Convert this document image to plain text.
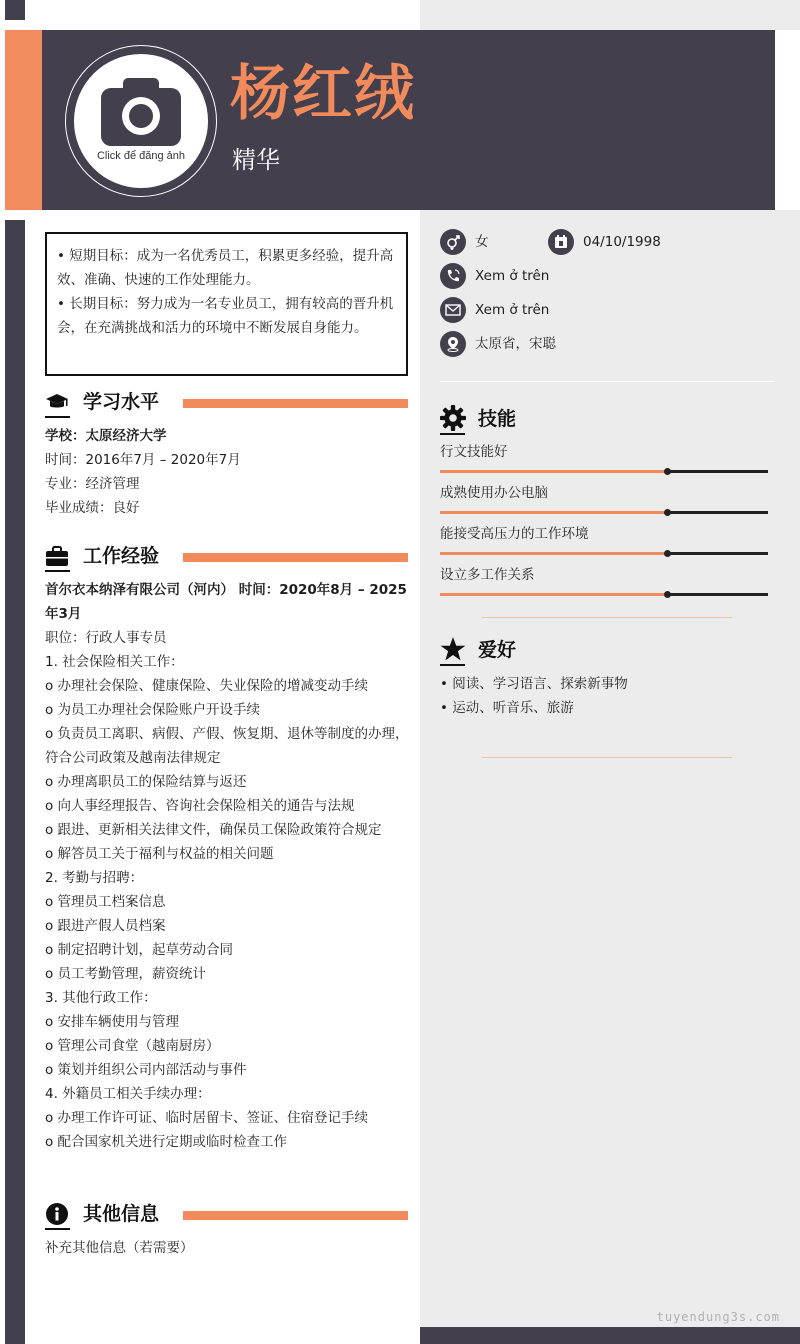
tuyendung3s.com
Click để đăng ảnh
杨红绒
精华

• 短期目标：成为一名优秀员工，积累更多经验，提升高效、准确、快速的工作处理能力。

• 长期目标：努力成为一名专业员工，拥有较高的晋升机会，在充满挑战和活力的环境中不断发展自身能力。

学习水平

学校：太原经济大学

时间：2016年7月 – 2020年7月

专业：经济管理

毕业成绩：良好

工作经验

首尔衣本纳泽有限公司（河内） 时间：2020年8月 – 2025年3月

职位：行政人事专员

1. 社会保险相关工作：

o 办理社会保险、健康保险、失业保险的增减变动手续

o 为员工办理社会保险账户开设手续

o 负责员工离职、病假、产假、恢复期、退休等制度的办理，符合公司政策及越南法律规定

o 办理离职员工的保险结算与返还

o 向人事经理报告、咨询社会保险相关的通告与法规

o 跟进、更新相关法律文件，确保员工保险政策符合规定

o 解答员工关于福利与权益的相关问题

2. 考勤与招聘：

o 管理员工档案信息

o 跟进产假人员档案

o 制定招聘计划，起草劳动合同

o 员工考勤管理，薪资统计

3. 其他行政工作：

o 安排车辆使用与管理

o 管理公司食堂（越南厨房）

o 策划并组织公司内部活动与事件

4. 外籍员工相关手续办理：

o 办理工作许可证、临时居留卡、签证、住宿登记手续

o 配合国家机关进行定期或临时检查工作

其他信息

补充其他信息（若需要）

女	04/10/1998
Xem ở trên
Xem ở trên
太原省，宋聪
技能
行文技能好
成熟使用办公电脑
能接受高压力的工作环境
设立多工作关系
爱好

• 阅读、学习语言、探索新事物

• 运动、听音乐、旅游
